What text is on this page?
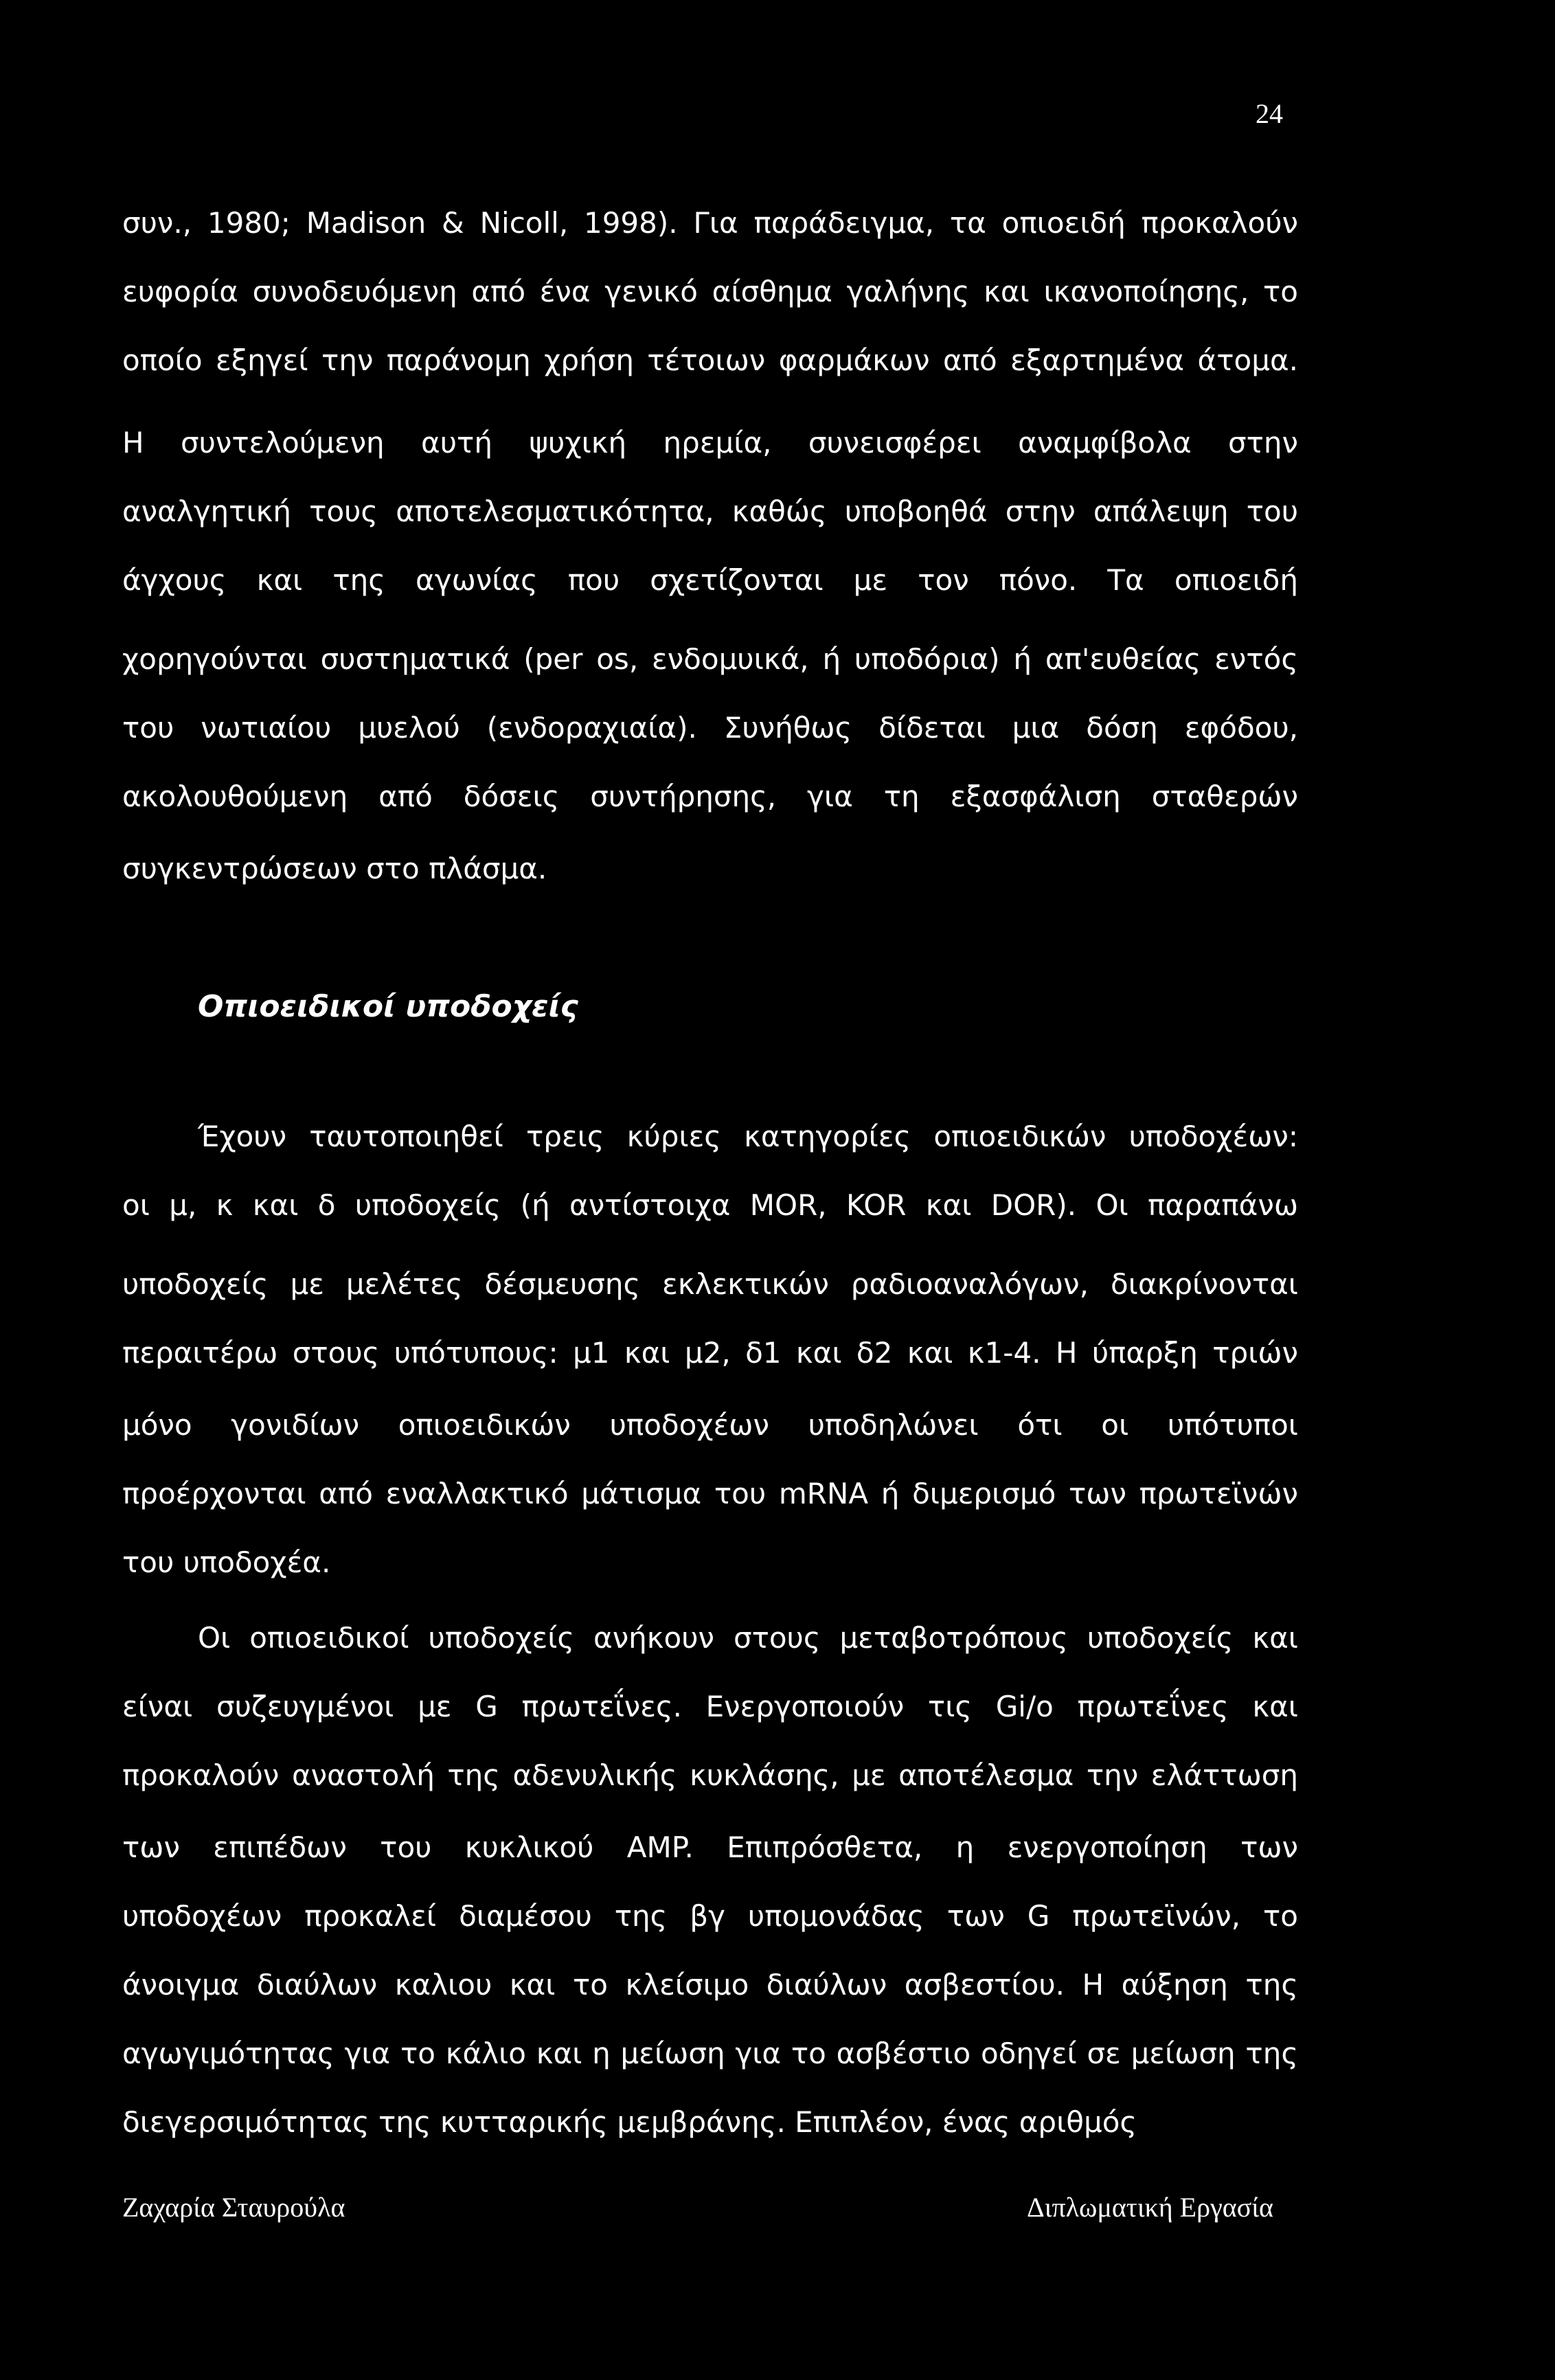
24
συν., 1980; Madison & Nicoll, 1998). Για παράδειγμα, τα οπιοειδή προκαλούν
ευφορία συνοδευόμενη από ένα γενικό αίσθημα γαλήνης και ικανοποίησης, το
οποίο εξηγεί την παράνομη χρήση τέτοιων φαρμάκων από εξαρτημένα άτομα.
Η συντελούμενη αυτή ψυχική ηρεμία, συνεισφέρει αναμφίβολα στην
αναλγητική τους αποτελεσματικότητα, καθώς υποβοηθά στην απάλειψη του
άγχους και της αγωνίας που σχετίζονται με τον πόνο. Τα οπιοειδή
χορηγούνται συστηματικά (per os, ενδομυικά, ή υποδόρια) ή απ'ευθείας εντός
του νωτιαίου μυελού (ενδοραχιαία). Συνήθως δίδεται μια δόση εφόδου,
ακολουθούμενη από δόσεις συντήρησης, για τη εξασφάλιση σταθερών
συγκεντρώσεων στο πλάσμα.
Οπιοειδικοί υποδοχείς
Έχουν ταυτοποιηθεί τρεις κύριες κατηγορίες οπιοειδικών υποδοχέων:
οι μ, κ και δ υποδοχείς (ή αντίστοιχα MOR, KOR και DOR). Οι παραπάνω
υποδοχείς με μελέτες δέσμευσης εκλεκτικών ραδιοαναλόγων, διακρίνονται
περαιτέρω στους υπότυπους: μ1 και μ2, δ1 και δ2 και κ1-4. Η ύπαρξη τριών
μόνο γονιδίων οπιοειδικών υποδοχέων υποδηλώνει ότι οι υπότυποι
προέρχονται από εναλλακτικό μάτισμα του mRNA ή διμερισμό των πρωτεϊνών
του υποδοχέα.
Οι οπιοειδικοί υποδοχείς ανήκουν στους μεταβοτρόπους υποδοχείς και
είναι συζευγμένοι με G πρωτεΐνες. Ενεργοποιούν τις Gi/o πρωτεΐνες και
προκαλούν αναστολή της αδενυλικής κυκλάσης, με αποτέλεσμα την ελάττωση
των επιπέδων του κυκλικού AMP. Επιπρόσθετα, η ενεργοποίηση των
υποδοχέων προκαλεί διαμέσου της βγ υπομονάδας των G πρωτεϊνών, το
άνοιγμα διαύλων καλιου και το κλείσιμο διαύλων ασβεστίου. Η αύξηση της
αγωγιμότητας για το κάλιο και η μείωση για το ασβέστιο οδηγεί σε μείωση της
διεγερσιμότητας της κυτταρικής μεμβράνης. Επιπλέον, ένας αριθμός
Ζαχαρία Σταυρούλα	Διπλωματική Εργασία
